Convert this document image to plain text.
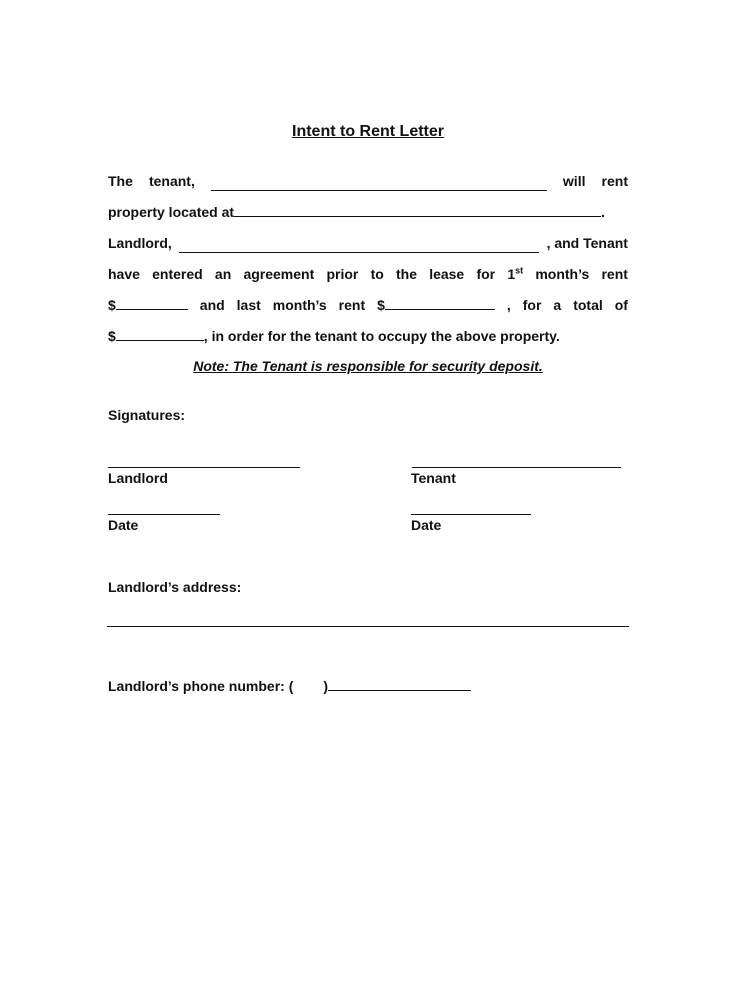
Intent to Rent Letter
The tenant,	will rent
property located at	.
Landlord,	, and Tenant
have entered an agreement prior to the lease for 1st month’s rent
$	and last month’s rent $	, for a total of
$	, in order for the tenant to occupy the above property.
Note: The Tenant is responsible for security deposit.
Signatures:
Landlord	Tenant
Date	Date
Landlord’s address:
Landlord’s phone number: ( )
